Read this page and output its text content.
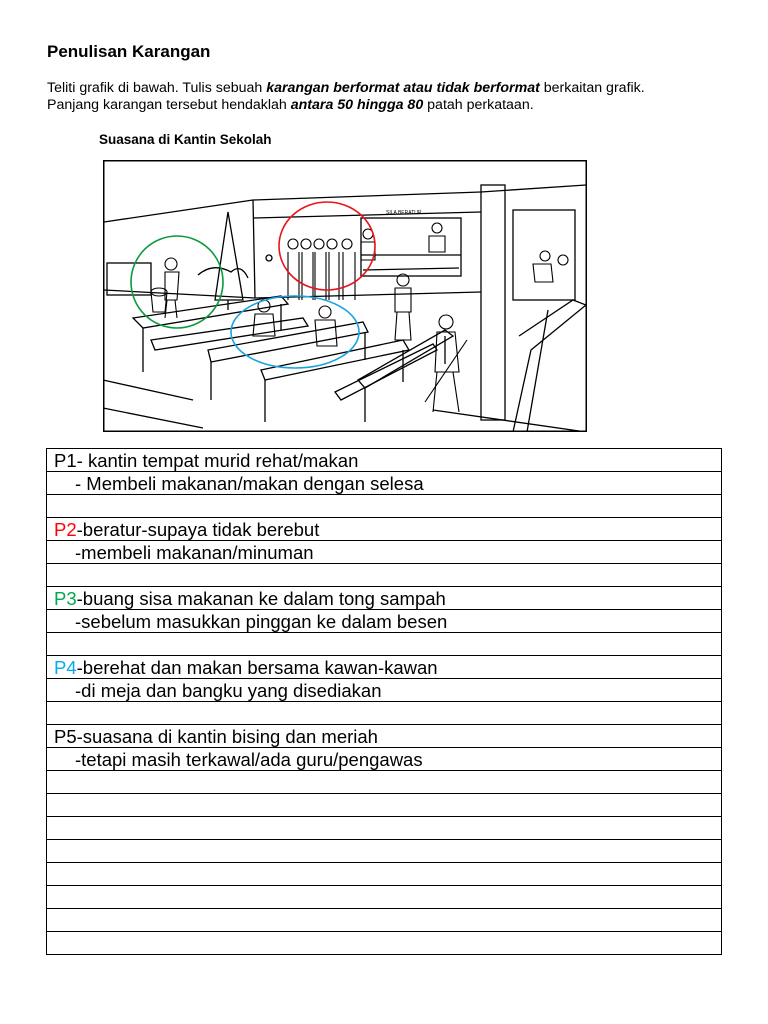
Penulisan Karangan
Teliti grafik di bawah. Tulis sebuah karangan berformat atau tidak berformat berkaitan grafik.
Panjang karangan tersebut hendaklah antara 50 hingga 80 patah perkataan.
Suasana di Kantin Sekolah
SILA BERATUR
P1- kantin tempat murid rehat/makan
- Membeli makanan/makan dengan selesa

P2-beratur-supaya tidak berebut
-membeli makanan/minuman

P3-buang sisa makanan ke dalam tong sampah
-sebelum masukkan pinggan ke dalam besen

P4-berehat dan makan bersama kawan-kawan
-di meja dan bangku yang disediakan

P5-suasana di kantin bising dan meriah
-tetapi masih terkawal/ada guru/pengawas
